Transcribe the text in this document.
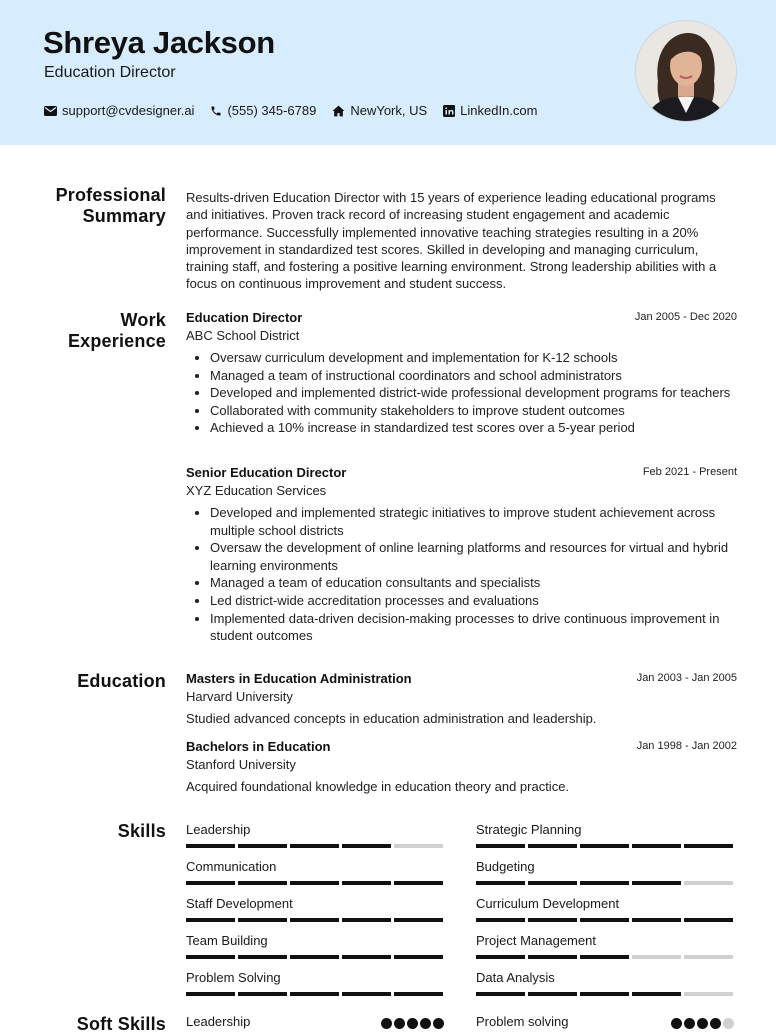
Shreya Jackson
Education Director
support@cvdesigner.ai	(555) 345-6789	NewYork, US	LinkedIn.com
Professional Summary

Results-driven Education Director with 15 years of experience leading educational programs and initiatives. Proven track record of increasing student engagement and academic performance. Successfully implemented innovative teaching strategies resulting in a 20% improvement in standardized test scores. Skilled in developing and managing curriculum, training staff, and fostering a positive learning environment. Strong leadership abilities with a focus on continuous improvement and student success.

Work Experience
Education Director	Jan 2005 - Dec 2020
ABC School District
• Oversaw curriculum development and implementation for K-12 schools
• Managed a team of instructional coordinators and school administrators
• Developed and implemented district-wide professional development programs for teachers
• Collaborated with community stakeholders to improve student outcomes
• Achieved a 10% increase in standardized test scores over a 5-year period
Senior Education Director	Feb 2021 - Present
XYZ Education Services
• Developed and implemented strategic initiatives to improve student achievement across multiple school districts
• Oversaw the development of online learning platforms and resources for virtual and hybrid learning environments
• Managed a team of education consultants and specialists
• Led district-wide accreditation processes and evaluations
• Implemented data-driven decision-making processes to drive continuous improvement in student outcomes
Education Masters in Education Administration	Jan 2003 - Jan 2005
Harvard University
Studied advanced concepts in education administration and leadership.
Bachelors in Education	Jan 1998 - Jan 2002
Stanford University
Acquired foundational knowledge in education theory and practice.
Skills Leadership	Strategic Planning
Communication	Budgeting
Staff Development	Curriculum Development
Team Building	Project Management
Problem Solving	Data Analysis
Soft Skills Leadership	Problem solving
